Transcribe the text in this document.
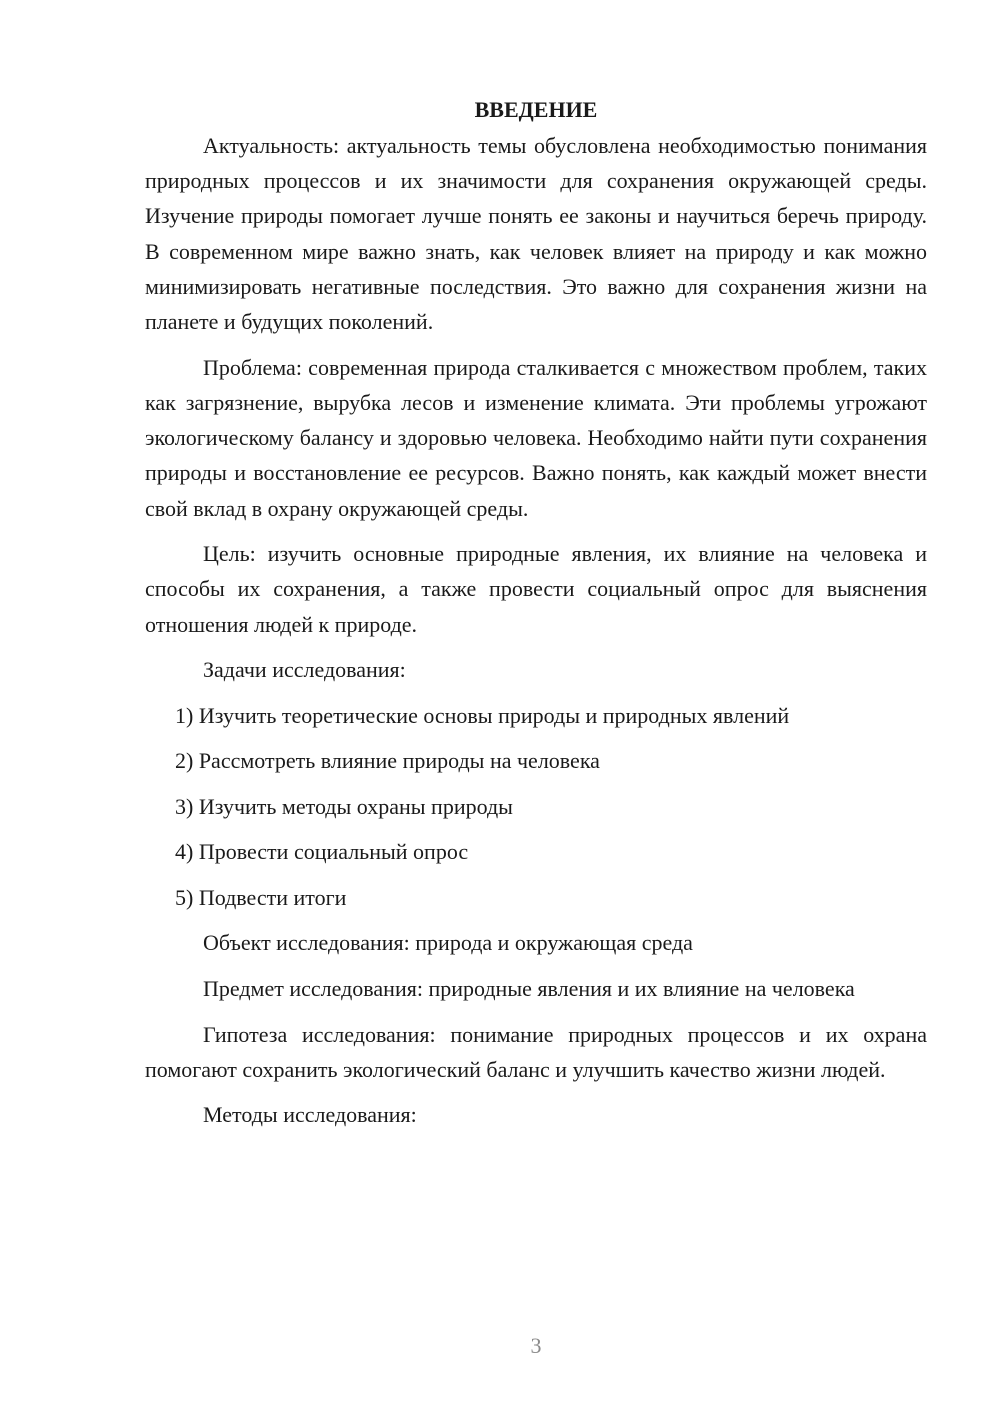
ВВЕДЕНИЕ

Актуальность: актуальность темы обусловлена необходимостью понимания природных процессов и их значимости для сохранения окружающей среды. Изучение природы помогает лучше понять ее законы и научиться беречь природу. В современном мире важно знать, как человек влияет на природу и как можно минимизировать негативные последствия. Это важно для сохранения жизни на планете и будущих поколений.

Проблема: современная природа сталкивается с множеством проблем, таких как загрязнение, вырубка лесов и изменение климата. Эти проблемы угрожают экологическому балансу и здоровью человека. Необходимо найти пути сохранения природы и восстановление ее ресурсов. Важно понять, как каждый может внести свой вклад в охрану окружающей среды.

Цель: изучить основные природные явления, их влияние на человека и способы их сохранения, а также провести социальный опрос для выяснения отношения людей к природе.

Задачи исследования:

1) Изучить теоретические основы природы и природных явлений

2) Рассмотреть влияние природы на человека

3) Изучить методы охраны природы

4) Провести социальный опрос

5) Подвести итоги

Объект исследования: природа и окружающая среда

Предмет исследования: природные явления и их влияние на человека

Гипотеза исследования: понимание природных процессов и их охрана помогают сохранить экологический баланс и улучшить качество жизни людей.

Методы исследования:

3
